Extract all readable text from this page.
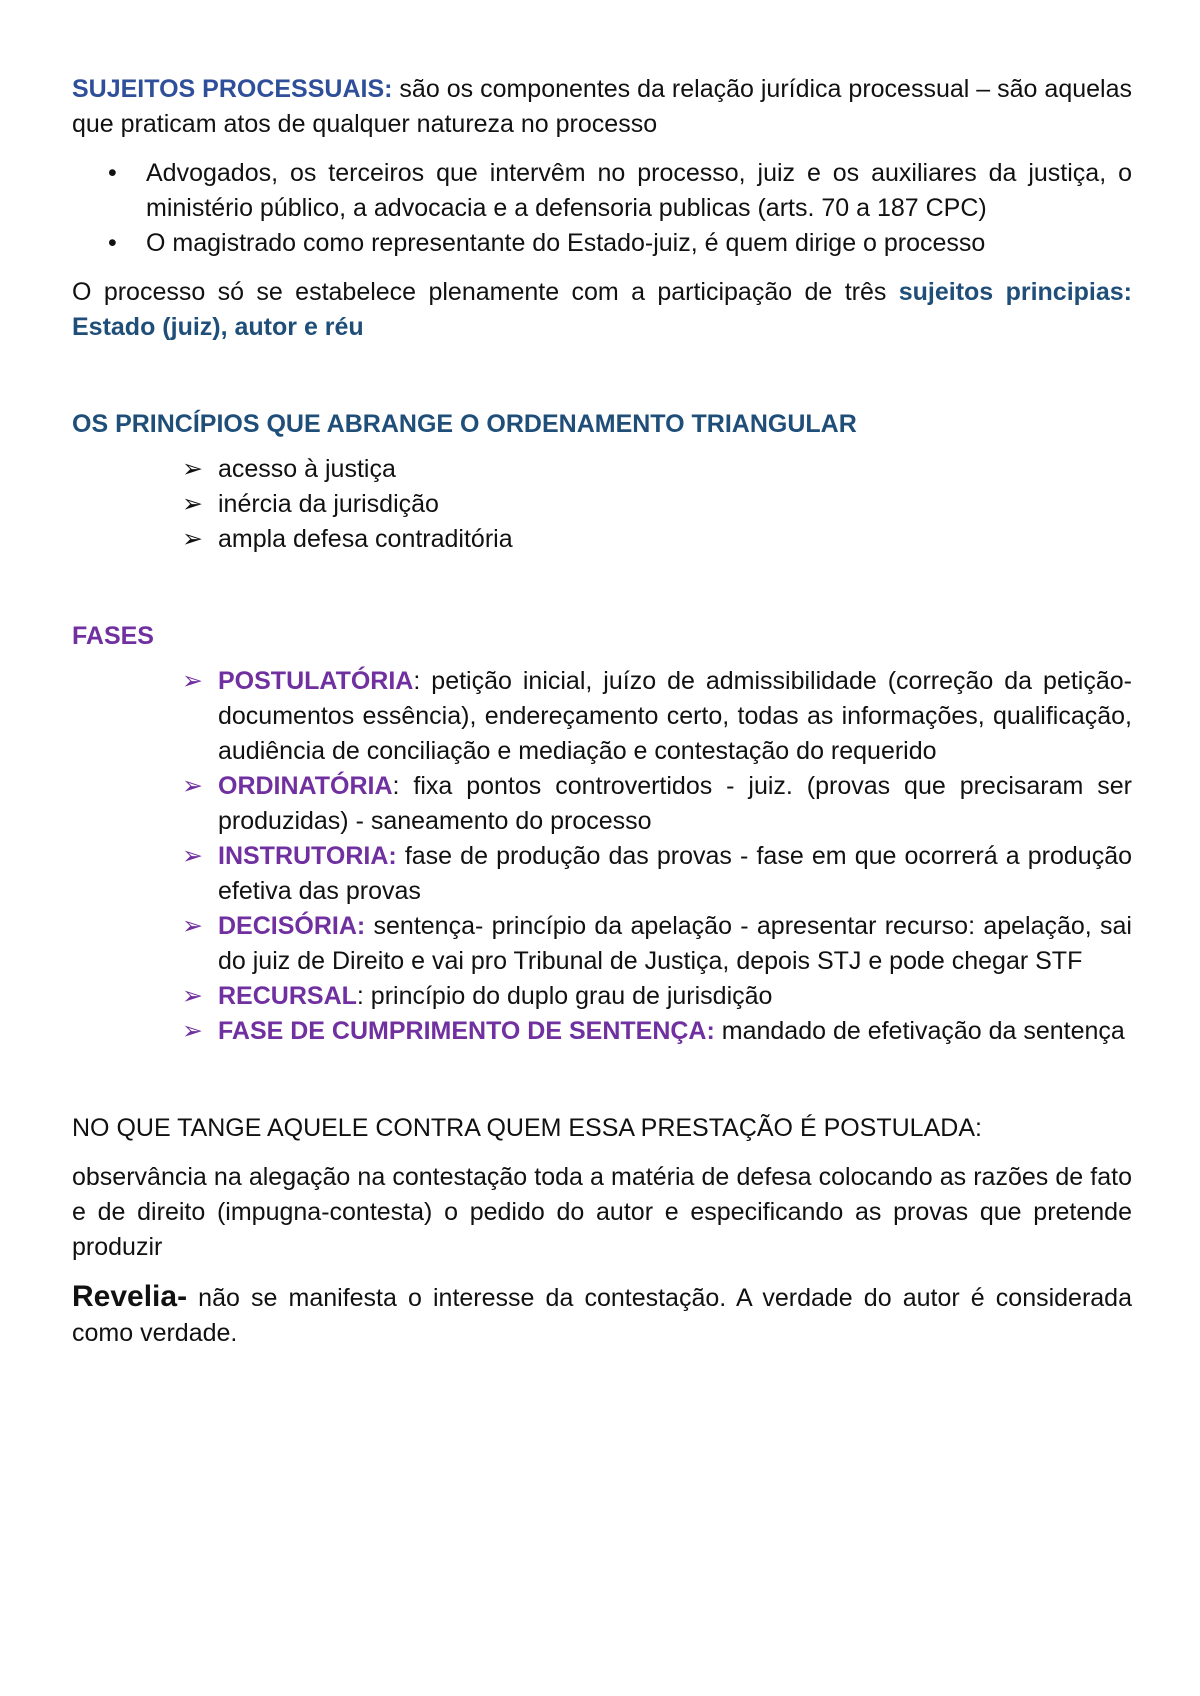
SUJEITOS PROCESSUAIS: são os componentes da relação jurídica processual – são aquelas que praticam atos de qualquer natureza no processo

• Advogados, os terceiros que intervêm no processo, juiz e os auxiliares da justiça, o ministério público, a advocacia e a defensoria publicas (arts. 70 a 187 CPC)
• O magistrado como representante do Estado-juiz, é quem dirige o processo

O processo só se estabelece plenamente com a participação de três sujeitos principias: Estado (juiz), autor e réu

OS PRINCÍPIOS QUE ABRANGE O ORDENAMENTO TRIANGULAR

➢ acesso à justiça
➢ inércia da jurisdição
➢ ampla defesa contraditória

FASES

➢ POSTULATÓRIA: petição inicial, juízo de admissibilidade (correção da petição-documentos essência), endereçamento certo, todas as informações, qualificação, audiência de conciliação e mediação e contestação do requerido
➢ ORDINATÓRIA: fixa pontos controvertidos - juiz. (provas que precisaram ser produzidas) - saneamento do processo
➢ INSTRUTORIA: fase de produção das provas - fase em que ocorrerá a produção efetiva das provas
➢ DECISÓRIA: sentença- princípio da apelação - apresentar recurso: apelação, sai do juiz de Direito e vai pro Tribunal de Justiça, depois STJ e pode chegar STF
➢ RECURSAL: princípio do duplo grau de jurisdição
➢ FASE DE CUMPRIMENTO DE SENTENÇA: mandado de efetivação da sentença

NO QUE TANGE AQUELE CONTRA QUEM ESSA PRESTAÇÃO É POSTULADA:

observância na alegação na contestação toda a matéria de defesa colocando as razões de fato e de direito (impugna-contesta) o pedido do autor e especificando as provas que pretende produzir

Revelia- não se manifesta o interesse da contestação. A verdade do autor é considerada como verdade.
